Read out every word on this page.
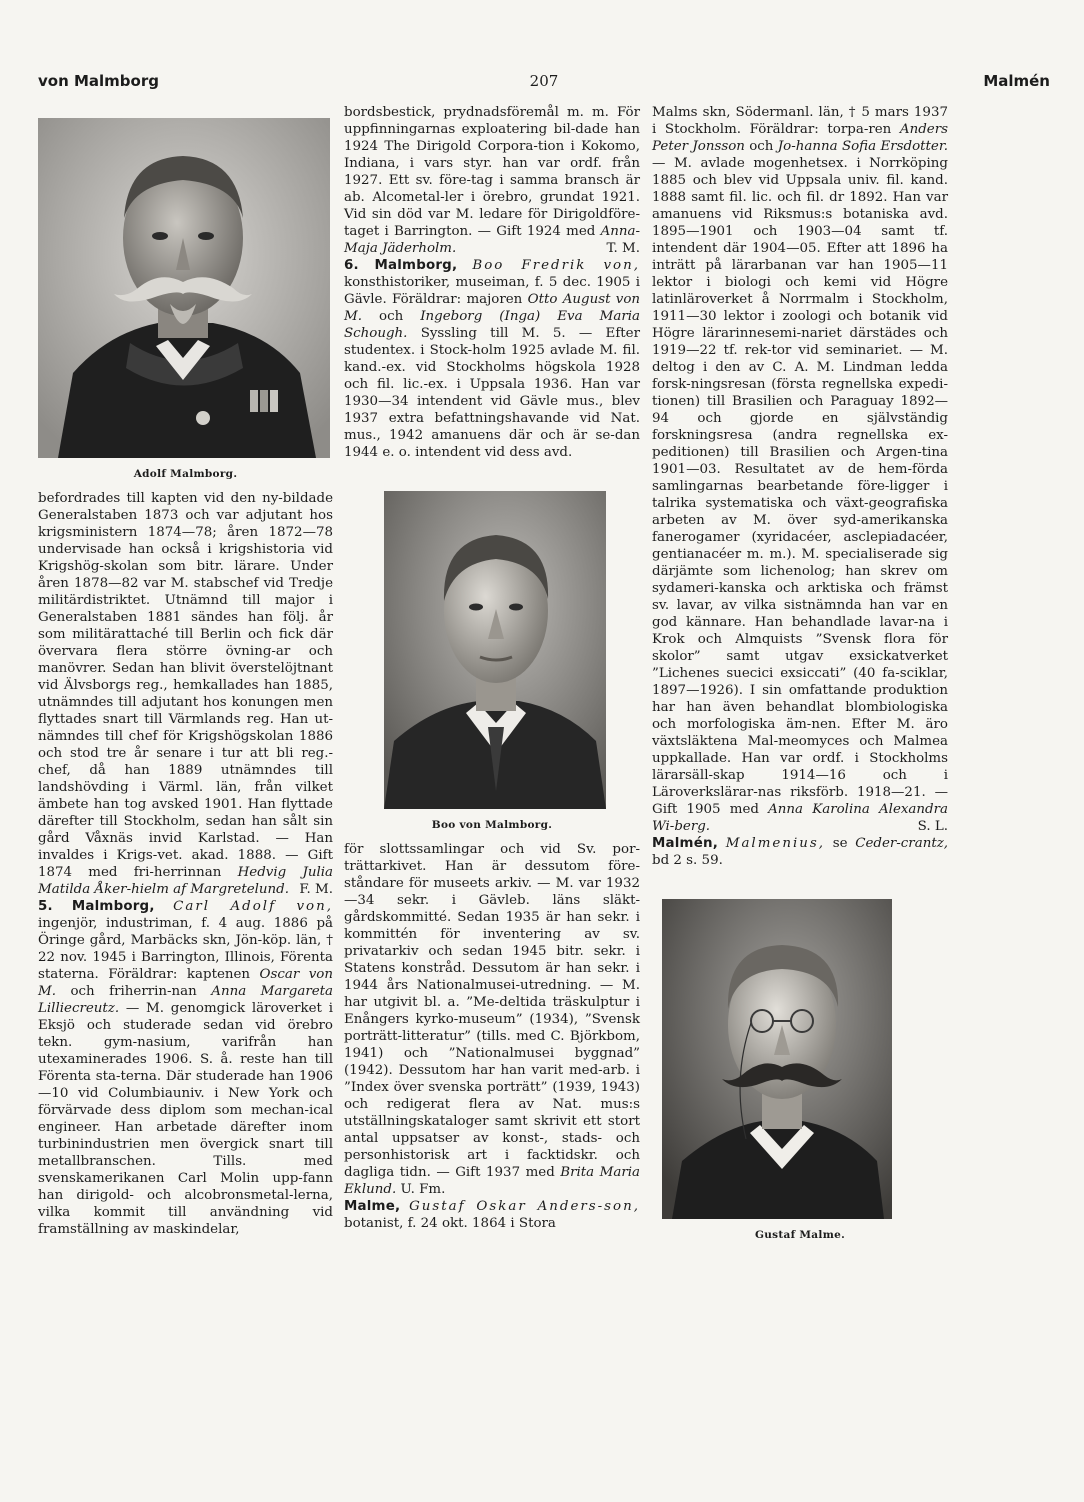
von Malmborg	207	Malmén
Adolf Malmborg.

befordrades till kapten vid den ny-bildade Generalstaben 1873 och var adjutant hos krigsministern 1874—78; åren 1872—78 undervisade han också i krigshistoria vid Krigshög-skolan som bitr. lärare. Under åren 1878—82 var M. stabschef vid Tredje militärdistriktet. Utnämnd till major i Generalstaben 1881 sändes han följ. år som militärattaché till Berlin och fick där övervara flera större övning-ar och manövrer. Sedan han blivit överstelöjtnant vid Älvsborgs reg., hemkallades han 1885, utnämndes till adjutant hos konungen men flyttades snart till Värmlands reg. Han ut-nämndes till chef för Krigshögskolan 1886 och stod tre år senare i tur att bli reg.-chef, då han 1889 utnämndes till landshövding i Värml. län, från vilket ämbete han tog avsked 1901. Han flyttade därefter till Stockholm, sedan han sålt sin gård Våxnäs invid Karlstad. — Han invaldes i Krigs-vet. akad. 1888. — Gift 1874 med fri-herrinnan Hedvig Julia Matilda Åker-hielm af Margretelund. F. M.

5. Malmborg, Carl Adolf von, ingenjör, industriman, f. 4 aug. 1886 på Öringe gård, Marbäcks skn, Jön-köp. län, † 22 nov. 1945 i Barrington, Illinois, Förenta staterna. Föräldrar: kaptenen Oscar von M. och friherrin-nan Anna Margareta Lilliecreutz. — M. genomgick läroverket i Eksjö och studerade sedan vid örebro tekn. gym-nasium, varifrån han utexaminerades 1906. S. å. reste han till Förenta sta-terna. Där studerade han 1906—10 vid Columbiauniv. i New York och förvärvade dess diplom som mechan-ical engineer. Han arbetade därefter inom turbinindustrien men övergick snart till metallbranschen. Tills. med svenskamerikanen Carl Molin upp-fann han dirigold- och alcobronsmetal-lerna, vilka kommit till användning vid framställning av maskindelar,

bordsbestick, prydnadsföremål m. m. För uppfinningarnas exploatering bil-dade han 1924 The Dirigold Corpora-tion i Kokomo, Indiana, i vars styr. han var ordf. från 1927. Ett sv. före-tag i samma bransch är ab. Alcometal-ler i örebro, grundat 1921. Vid sin död var M. ledare för Dirigoldföre-taget i Barrington. — Gift 1924 med Anna-Maja Jäderholm.	T. M.

6. Malmborg, Boo Fredrik von, konsthistoriker, museiman, f. 5 dec. 1905 i Gävle. Föräldrar: majoren Otto August von M. och Ingeborg (Inga) Eva Maria Schough. Syssling till M. 5. — Efter studentex. i Stock-holm 1925 avlade M. fil. kand.-ex. vid Stockholms högskola 1928 och fil. lic.-ex. i Uppsala 1936. Han var 1930—34 intendent vid Gävle mus., blev 1937 extra befattningshavande vid Nat. mus., 1942 amanuens där och är se-dan 1944 e. o. intendent vid dess avd.

Boo von Malmborg.

för slottssamlingar och vid Sv. por-trättarkivet. Han är dessutom före-ståndare för museets arkiv. — M. var 1932—34 sekr. i Gävleb. läns släkt-gårdskommitté. Sedan 1935 är han sekr. i kommittén för inventering av sv. privatarkiv och sedan 1945 bitr. sekr. i Statens konstråd. Dessutom är han sekr. i 1944 års Nationalmusei-utredning. — M. har utgivit bl. a. ”Me-deltida träskulptur i Enångers kyrko-museum” (1934), ”Svensk porträtt-litteratur” (tills. med C. Björkbom, 1941) och ”Nationalmusei byggnad” (1942). Dessutom har han varit med-arb. i ”Index över svenska porträtt” (1939, 1943) och redigerat flera av Nat. mus:s utställningskataloger samt skrivit ett stort antal uppsatser av konst-, stads- och personhistorisk art i facktidskr. och dagliga tidn. — Gift 1937 med Brita Maria Eklund. U. Fm.

Malme, Gustaf Oskar Anders-son, botanist, f. 24 okt. 1864 i Stora

Malms skn, Södermanl. län, † 5 mars 1937 i Stockholm. Föräldrar: torpa-ren Anders Peter Jonsson och Jo-hanna Sofia Ersdotter. — M. avlade mogenhetsex. i Norrköping 1885 och blev vid Uppsala univ. fil. kand. 1888 samt fil. lic. och fil. dr 1892. Han var amanuens vid Riksmus:s botaniska avd. 1895—1901 och 1903—04 samt tf. intendent där 1904—05. Efter att 1896 ha inträtt på lärarbanan var han 1905—11 lektor i biologi och kemi vid Högre latinläroverket å Norrmalm i Stockholm, 1911—30 lektor i zoologi och botanik vid Högre lärarinnesemi-nariet därstädes och 1919—22 tf. rek-tor vid seminariet. — M. deltog i den av C. A. M. Lindman ledda forsk-ningsresan (första regnellska expedi-tionen) till Brasilien och Paraguay 1892—94 och gjorde en självständig forskningsresa (andra regnellska ex-peditionen) till Brasilien och Argen-tina 1901—03. Resultatet av de hem-förda samlingarnas bearbetande före-ligger i talrika systematiska och växt-geografiska arbeten av M. över syd-amerikanska fanerogamer (xyridacéer, asclepiadacéer, gentianacéer m. m.). M. specialiserade sig därjämte som lichenolog; han skrev om sydameri-kanska och arktiska och främst sv. lavar, av vilka sistnämnda han var en god kännare. Han behandlade lavar-na i Krok och Almquists ”Svensk flora för skolor” samt utgav exsickatverket ”Lichenes suecici exsiccati” (40 fa-sciklar, 1897—1926). I sin omfattande produktion har han även behandlat blombiologiska och morfologiska äm-nen. Efter M. äro växtsläktena Mal-meomyces och Malmea uppkallade. Han var ordf. i Stockholms lärarsäll-skap 1914—16 och i Läroverkslärar-nas riksförb. 1918—21. — Gift 1905 med Anna Karolina Alexandra Wi-berg.	S. L.

Malmén, Malmenius, se Ceder-crantz, bd 2 s. 59.

Gustaf Malme.
